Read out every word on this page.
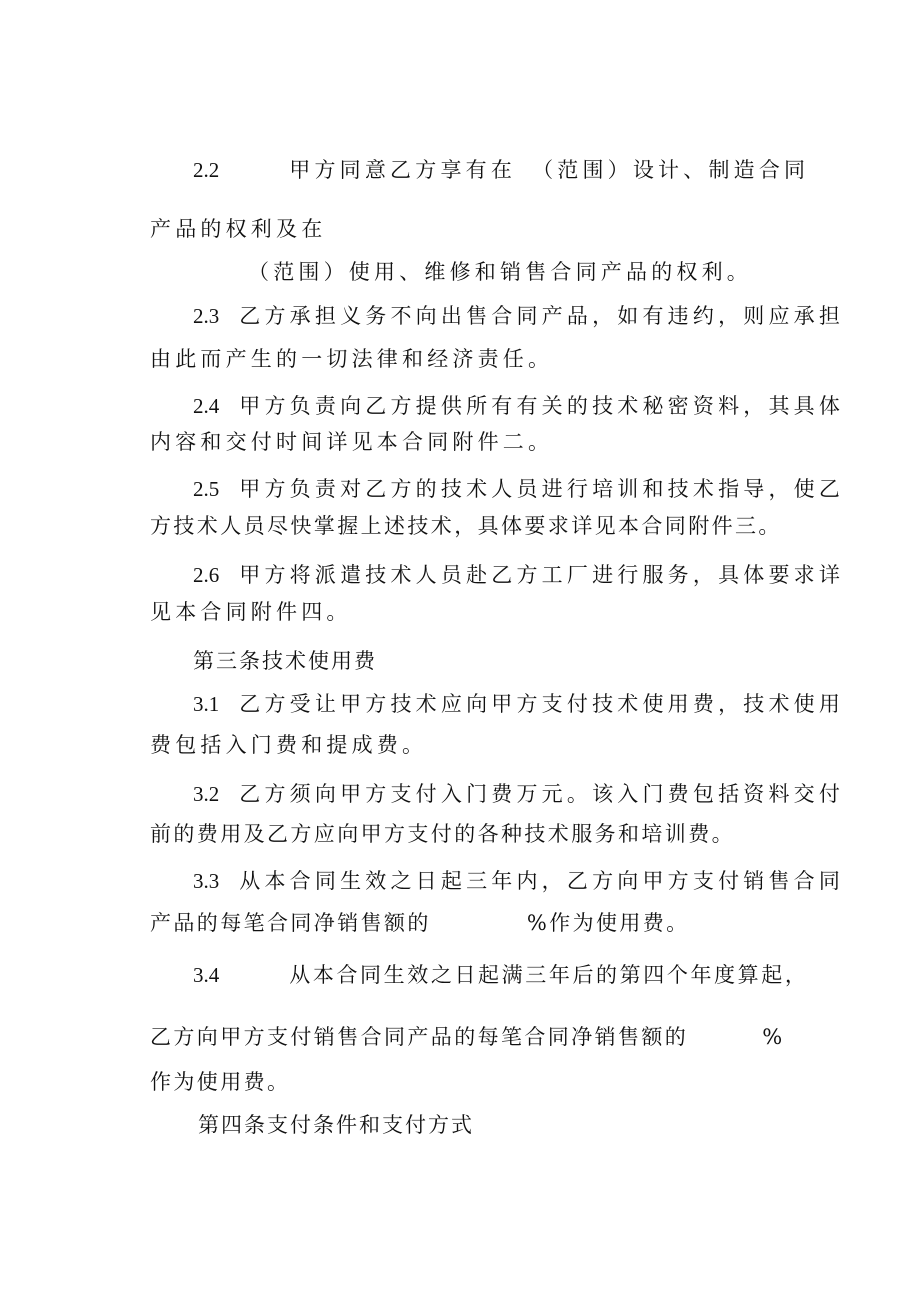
2.2	甲方同意乙方享有在 （范围）设计、制造合同
产品的权利及在
（范围）使用、维修和销售合同产品的权利。
2.3 乙方承担义务不向出售合同产品，如有违约，则应承担
由此而产生的一切法律和经济责任。
2.4 甲方负责向乙方提供所有有关的技术秘密资料，其具体
内容和交付时间详见本合同附件二。
2.5 甲方负责对乙方的技术人员进行培训和技术指导，使乙
方技术人员尽快掌握上述技术，具体要求详见本合同附件三。
2.6 甲方将派遣技术人员赴乙方工厂进行服务，具体要求详
见本合同附件四。
第三条技术使用费
3.1 乙方受让甲方技术应向甲方支付技术使用费，技术使用
费包括入门费和提成费。
3.2 乙方须向甲方支付入门费万元。该入门费包括资料交付
前的费用及乙方应向甲方支付的各种技术服务和培训费。
3.3 从本合同生效之日起三年内，乙方向甲方支付销售合同
产品的每笔合同净销售额的	%作为使用费。
3.4	从本合同生效之日起满三年后的第四个年度算起，
乙方向甲方支付销售合同产品的每笔合同净销售额的	%
作为使用费。
第四条支付条件和支付方式
